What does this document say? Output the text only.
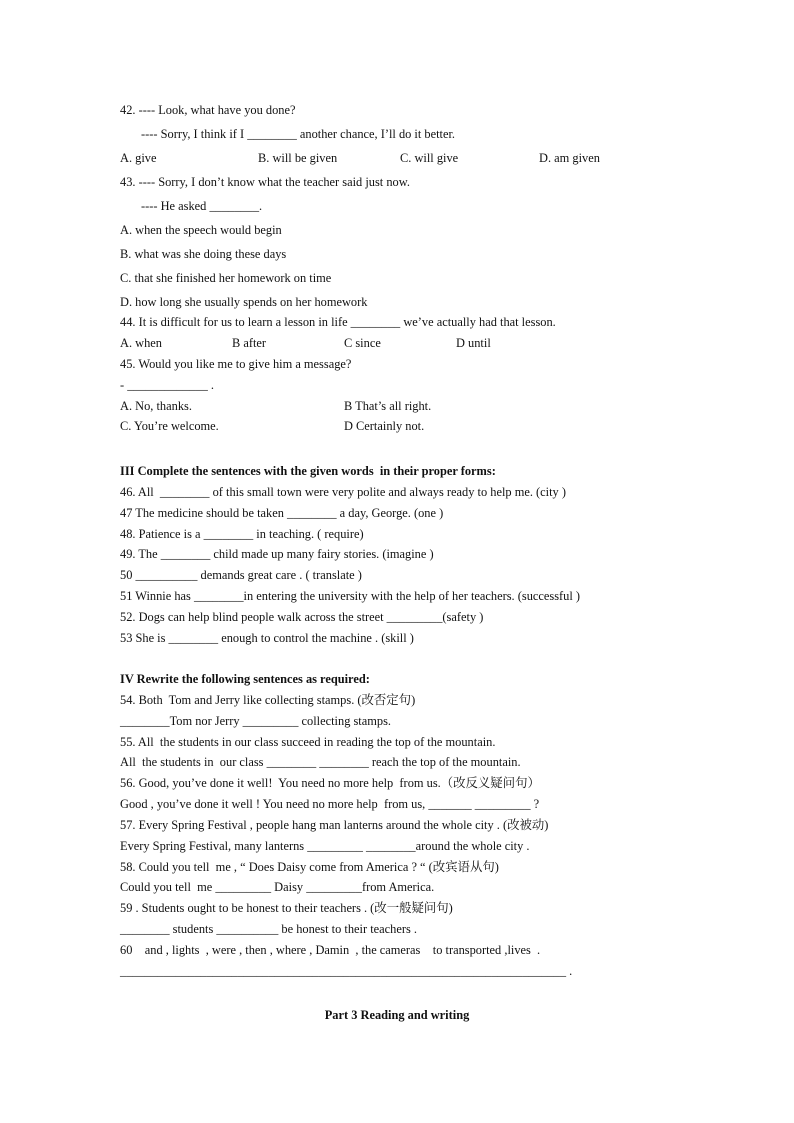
42. ---- Look, what have you done?
---- Sorry, I think if I ________ another chance, I’ll do it better.
A. give	B. will be given	C. will give	D. am given
43. ---- Sorry, I don’t know what the teacher said just now.
---- He asked ________.
A. when the speech would begin
B. what was she doing these days
C. that she finished her homework on time
D. how long she usually spends on her homework
44. It is difficult for us to learn a lesson in life ________ we’ve actually had that lesson.
A. when	B after	C since	D until
45. Would you like me to give him a message?
- _____________ .
A. No, thanks.	B That’s all right.
C. You’re welcome.	D Certainly not.
III Complete the sentences with the given words  in their proper forms:
46. All  ________ of this small town were very polite and always ready to help me. (city )
47 The medicine should be taken ________ a day, George. (one )
48. Patience is a ________ in teaching. ( require)
49. The ________ child made up many fairy stories. (imagine )
50 __________ demands great care . ( translate )
51 Winnie has ________in entering the university with the help of her teachers. (successful )
52. Dogs can help blind people walk across the street _________(safety )
53 She is ________ enough to control the machine . (skill )
IV Rewrite the following sentences as required:
54. Both  Tom and Jerry like collecting stamps. (改否定句)
________Tom nor Jerry _________ collecting stamps.
55. All  the students in our class succeed in reading the top of the mountain.
All  the students in  our class ________ ________ reach the top of the mountain.
56. Good, you’ve done it well!  You need no more help  from us.（改反义疑问句）
Good , you’ve done it well ! You need no more help  from us, _______ _________ ?
57. Every Spring Festival , people hang man lanterns around the whole city . (改被动)
Every Spring Festival, many lanterns _________ ________around the whole city .
58. Could you tell  me , “ Does Daisy come from America ? “ (改宾语从句)
Could you tell  me _________ Daisy _________from America.
59 . Students ought to be honest to their teachers . (改一般疑问句)
________ students __________ be honest to their teachers .
60    and , lights  , were , then , where , Damin  , the cameras    to transported ,lives  .
________________________________________________________________________ .
Part 3 Reading and writing
